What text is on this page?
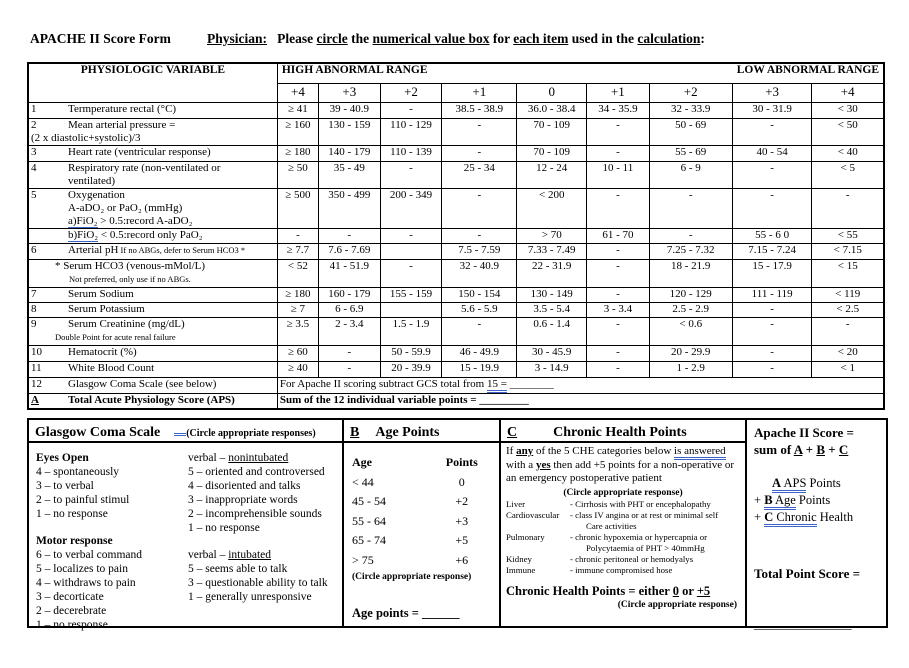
APACHE II Score Form	Physician: Please circle the numerical value box for each item used in the calculation:
PHYSIOLOGIC VARIABLE	HIGH ABNORMAL RANGE LOW ABNORMAL RANGE								

	+4	+3	+2	+1	0	+1	+2	+3	+4

1 Termperature rectal (°C)	≥ 41	39 - 40.9	-	38.5 - 38.9	36.0 - 38.4	34 - 35.9	32 - 33.9	30 - 31.9	< 30

2 Mean arterial pressure =
(2 x diastolic+systolic)/3	≥ 160	130 - 159	110 - 129	-	70 - 109	-	50 - 69	-	< 50

3 Heart rate (ventricular response)	≥ 180	140 - 179	110 - 139	-	70 - 109	-	55 - 69	40 - 54	< 40

4 Respiratory rate (non-ventilated or
ventilated)	≥ 50	35 - 49	-	25 - 34	12 - 24	10 - 11	6 - 9	-	< 5

5 Oxygenation
A-aDO₂ or PaO₂ (mmHg)
a)FiO₂ > 0.5:record A-aDO₂	≥ 500	350 - 499	200 - 349	-	< 200	-	-	-	-

b)FiO₂ < 0.5:record only PaO₂	-	-	-	-	> 70	61 - 70	-	55 - 6 0	< 55

6 Arterial pH If no ABGs, defer to Serum HCO3 *	≥ 7.7	7.6 - 7.69		7.5 - 7.59	7.33 - 7.49	-	7.25 - 7.32	7.15 - 7.24	< 7.15

* Serum HCO3 (venous-mMol/L)
Not preferred, only use if no ABGs.	< 52	41 - 51.9	-	32 - 40.9	22 - 31.9	-	18 - 21.9	15 - 17.9	< 15

7 Serum Sodium	≥ 180	160 - 179	155 - 159	150 - 154	130 - 149	-	120 - 129	111 - 119	< 119

8 Serum Potassium	≥ 7	6 - 6.9		5.6 - 5.9	3.5 - 5.4	3 - 3.4	2.5 - 2.9	-	< 2.5

9 Serum Creatinine (mg/dL)
Double Point for acute renal failure	≥ 3.5	2 - 3.4	1.5 - 1.9	-	0.6 - 1.4	-	< 0.6	-	-

10 Hematocrit (%)	≥ 60	-	50 - 59.9	46 - 49.9	30 - 45.9	-	20 - 29.9	-	< 20

11 White Blood Count	≥ 40	-	20 - 39.9	15 - 19.9	3 - 14.9	-	1 - 2.9	-	< 1

12 Glasgow Coma Scale (see below)	For Apache II scoring subtract GCS total from 15 = ________								

A Total Acute Physiology Score (APS)	Sum of the 12 individual variable points = _________								
Glasgow Coma Scale	(Circle appropriate responses)
Eyes Open	verbal – nonintubated
4 – spontaneously	5 – oriented and controversed
3 – to verbal	4 – disoriented and talks
2 – to painful stimul	3 – inappropriate words
1 – no response	2 – incomprehensible sounds
1 – no response
Motor response
6 – to verbal command	verbal – intubated
5 – localizes to pain	5 – seems able to talk
4 – withdraws to pain	3 – questionable ability to talk
3 – decorticate	1 – generally unresponsive
2 – decerebrate
1 – no response
B Age Points
Age	Points
< 44	0
45 - 54	+2
55 - 64	+3
65 - 74	+5
> 75	+6
(Circle appropriate response)
Age points = ______
C	Chronic Health Points
If any of the 5 CHE categories below is answered with a yes then add +5 points for a non-operative or an emergency postoperative patient
(Circle appropriate response)
Liver	- Cirrhosis with PHT or encephalopathy
Cardiovascular	- class IV angina or at rest or minimal self
Care activities
Pulmonary	- chronic hypoxemia or hypercapnia or
Polycytaemia of PHT > 40mmHg
Kidney	- chronic peritoneal or hemodyalys
Immune	- immune compromised hose
Chronic Health Points = either 0 or +5
(Circle appropriate response)
Apache II Score =
sum of A + B + C
A APS Points
+ B Age Points
+ C Chronic Health
Total Point Score =
_______________
